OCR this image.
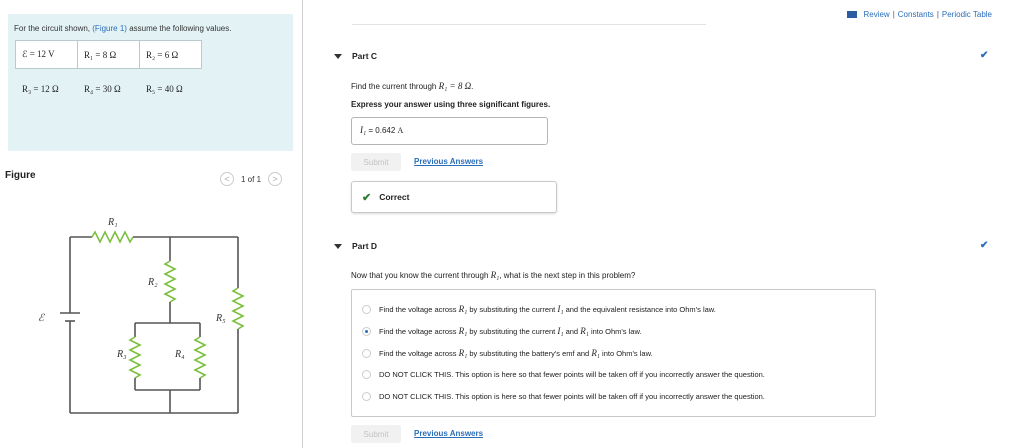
For the circuit shown, (Figure 1) assume the following values.
ℰ = 12 V	R₁ = 8 Ω	R₂ = 6 Ω
R₃ = 12 Ω	R₄ = 30 Ω	R₅ = 40 Ω
Figure	<	1 of 1	>
R₁
R₂
R₃	R₄
R₅
ℰ
Review | Constants | Periodic Table
Part C	✔
Find the current through R₁ = 8 Ω.
Express your answer using three significant figures.
I₁ = 0.642 A
Submit	Previous Answers
✔ Correct
Part D	✔
Now that you know the current through R₁, what is the next step in this problem?
Find the voltage across R₁ by substituting the current I₁ and the equivalent resistance into Ohm's law.
Find the voltage across R₁ by substituting the current I₁ and R₁ into Ohm's law.
Find the voltage across R₁ by substituting the battery's emf and R₁ into Ohm's law.
DO NOT CLICK THIS. This option is here so that fewer points will be taken off if you incorrectly answer the question.
DO NOT CLICK THIS. This option is here so that fewer points will be taken off if you incorrectly answer the question.
Submit	Previous Answers
